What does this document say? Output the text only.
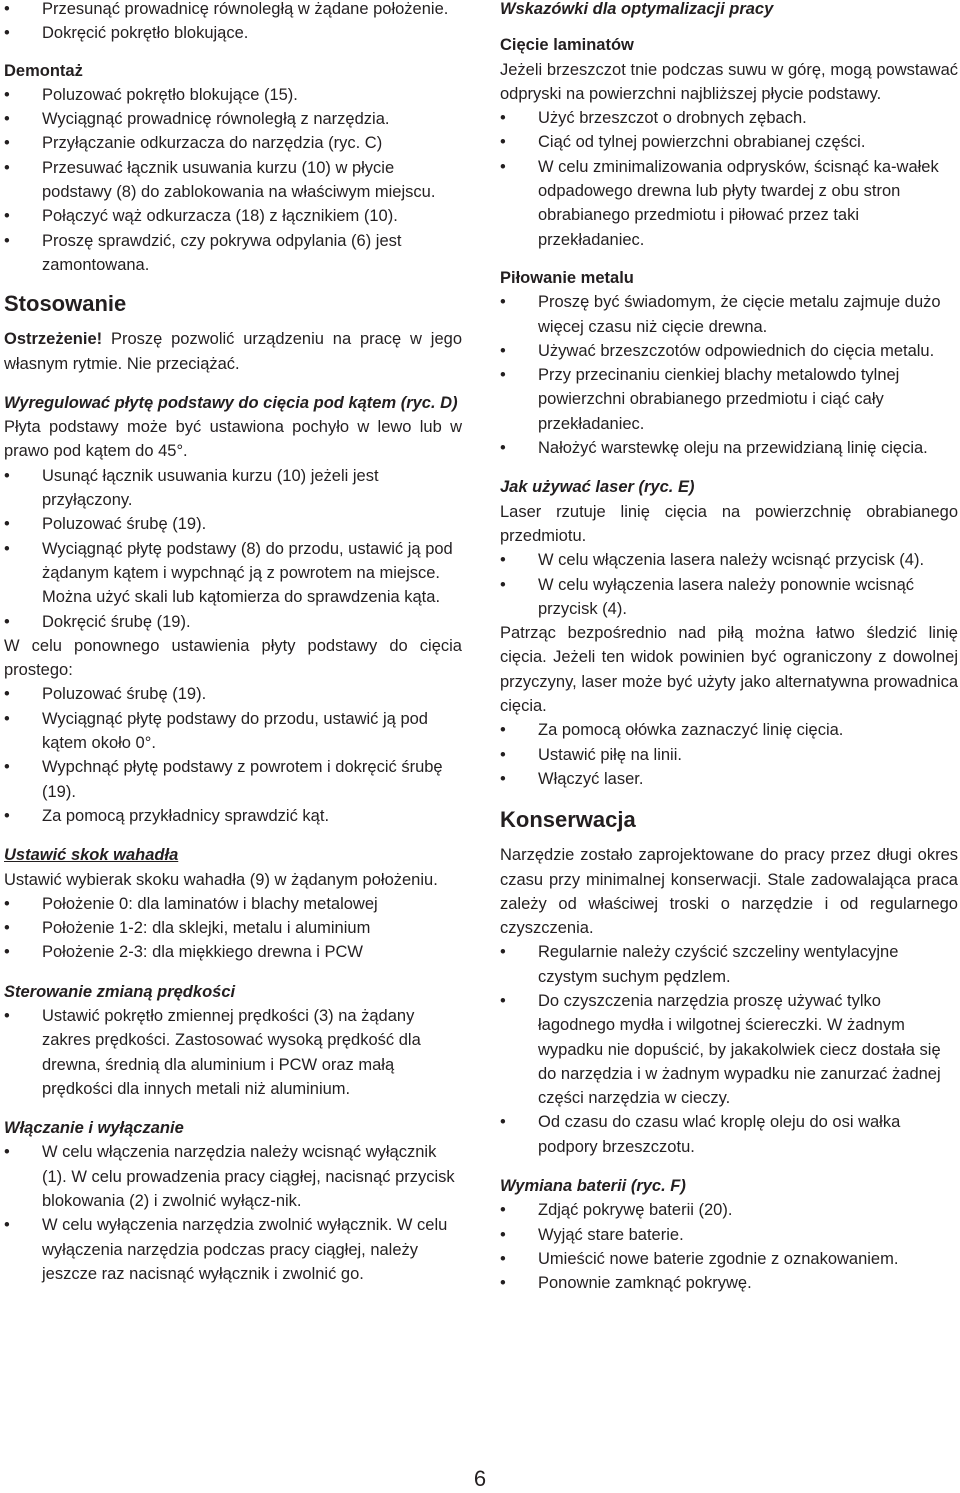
• Przesunąć prowadnicę równoległą w żądane położenie.
• Dokręcić pokrętło blokujące.

Demontaż

• Poluzować pokrętło blokujące (15).
• Wyciągnąć prowadnicę równoległą z narzędzia.
• Przyłączanie odkurzacza do narzędzia (ryc. C)
• Przesuwać łącznik usuwania kurzu (10) w płycie podstawy (8) do zablokowania na właściwym miejscu.
• Połączyć wąż odkurzacza (18) z łącznikiem (10).
• Proszę sprawdzić, czy pokrywa odpylania (6) jest zamontowana.

Stosowanie

Ostrzeżenie! Proszę pozwolić urządzeniu na pracę w jego własnym rytmie. Nie przeciążać.

Wyregulować płytę podstawy do cięcia pod kątem (ryc. D)

Płyta podstawy może być ustawiona pochyło w lewo lub w prawo pod kątem do 45°.

• Usunąć łącznik usuwania kurzu (10) jeżeli jest przyłączony.
• Poluzować śrubę (19).
• Wyciągnąć płytę podstawy (8) do przodu, ustawić ją pod żądanym kątem i wypchnąć ją z powrotem na miejsce. Można użyć skali lub kątomierza do sprawdzenia kąta.
• Dokręcić śrubę (19).

W celu ponownego ustawienia płyty podstawy do cięcia prostego:

• Poluzować śrubę (19).
• Wyciągnąć płytę podstawy do przodu, ustawić ją pod kątem około 0°.
• Wypchnąć płytę podstawy z powrotem i dokręcić śrubę (19).
• Za pomocą przykładnicy sprawdzić kąt.

Ustawić skok wahadła

Ustawić wybierak skoku wahadła (9) w żądanym położeniu.

• Położenie 0: dla laminatów i blachy metalowej
• Położenie 1-2: dla sklejki, metalu i aluminium
• Położenie 2-3: dla miękkiego drewna i PCW

Sterowanie zmianą prędkości

• Ustawić pokrętło zmiennej prędkości (3) na żądany zakres prędkości. Zastosować wysoką prędkość dla drewna, średnią dla aluminium i PCW oraz małą prędkości dla innych metali niż aluminium.

Włączanie i wyłączanie

• W celu włączenia narzędzia należy wcisnąć wyłącznik (1). W celu prowadzenia pracy ciągłej, nacisnąć przycisk blokowania (2) i zwolnić wyłącz-nik.
• W celu wyłączenia narzędzia zwolnić wyłącznik. W celu wyłączenia narzędzia podczas pracy ciągłej, należy jeszcze raz nacisnąć wyłącznik i zwolnić go.

Wskazówki dla optymalizacji pracy

Cięcie laminatów

Jeżeli brzeszczot tnie podczas suwu w górę, mogą powstawać odpryski na powierzchni najbliższej płycie podstawy.

• Użyć brzeszczot o drobnych zębach.
• Ciąć od tylnej powierzchni obrabianej części.
• W celu zminimalizowania odprysków, ścisnąć ka-wałek odpadowego drewna lub płyty twardej z obu stron obrabianego przedmiotu i piłować przez taki przekładaniec.

Piłowanie metalu

• Proszę być świadomym, że cięcie metalu zajmuje dużo więcej czasu niż cięcie drewna.
• Używać brzeszczotów odpowiednich do cięcia metalu.
• Przy przecinaniu cienkiej blachy metalowdo tylnej powierzchni obrabianego przedmiotu i ciąć cały przekładaniec.
• Nałożyć warstewkę oleju na przewidzianą linię cięcia.

Jak używać laser (ryc. E)

Laser rzutuje linię cięcia na powierzchnię obrabianego przedmiotu.

• W celu włączenia lasera należy wcisnąć przycisk (4).
• W celu wyłączenia lasera należy ponownie wcisnąć przycisk (4).

Patrząc bezpośrednio nad piłą można łatwo śledzić linię cięcia. Jeżeli ten widok powinien być ograniczony z dowolnej przyczyny, laser może być użyty jako alternatywna prowadnica cięcia.

• Za pomocą ołówka zaznaczyć linię cięcia.
• Ustawić piłę na linii.
• Włączyć laser.

Konserwacja

Narzędzie zostało zaprojektowane do pracy przez długi okres czasu przy minimalnej konserwacji. Stale zadowalająca praca zależy od właściwej troski o narzędzie i od regularnego czyszczenia.

• Regularnie należy czyścić szczeliny wentylacyjne czystym suchym pędzlem.
• Do czyszczenia narzędzia proszę używać tylko łagodnego mydła i wilgotnej ściereczki. W żadnym wypadku nie dopuścić, by jakakolwiek ciecz dostała się do narzędzia i w żadnym wypadku nie zanurzać żadnej części narzędzia w cieczy.
• Od czasu do czasu wlać kroplę oleju do osi wałka podpory brzeszczotu.

Wymiana baterii (ryc. F)

• Zdjąć pokrywę baterii (20).
• Wyjąć stare baterie.
• Umieścić nowe baterie zgodnie z oznakowaniem.
• Ponownie zamknąć pokrywę.
6
